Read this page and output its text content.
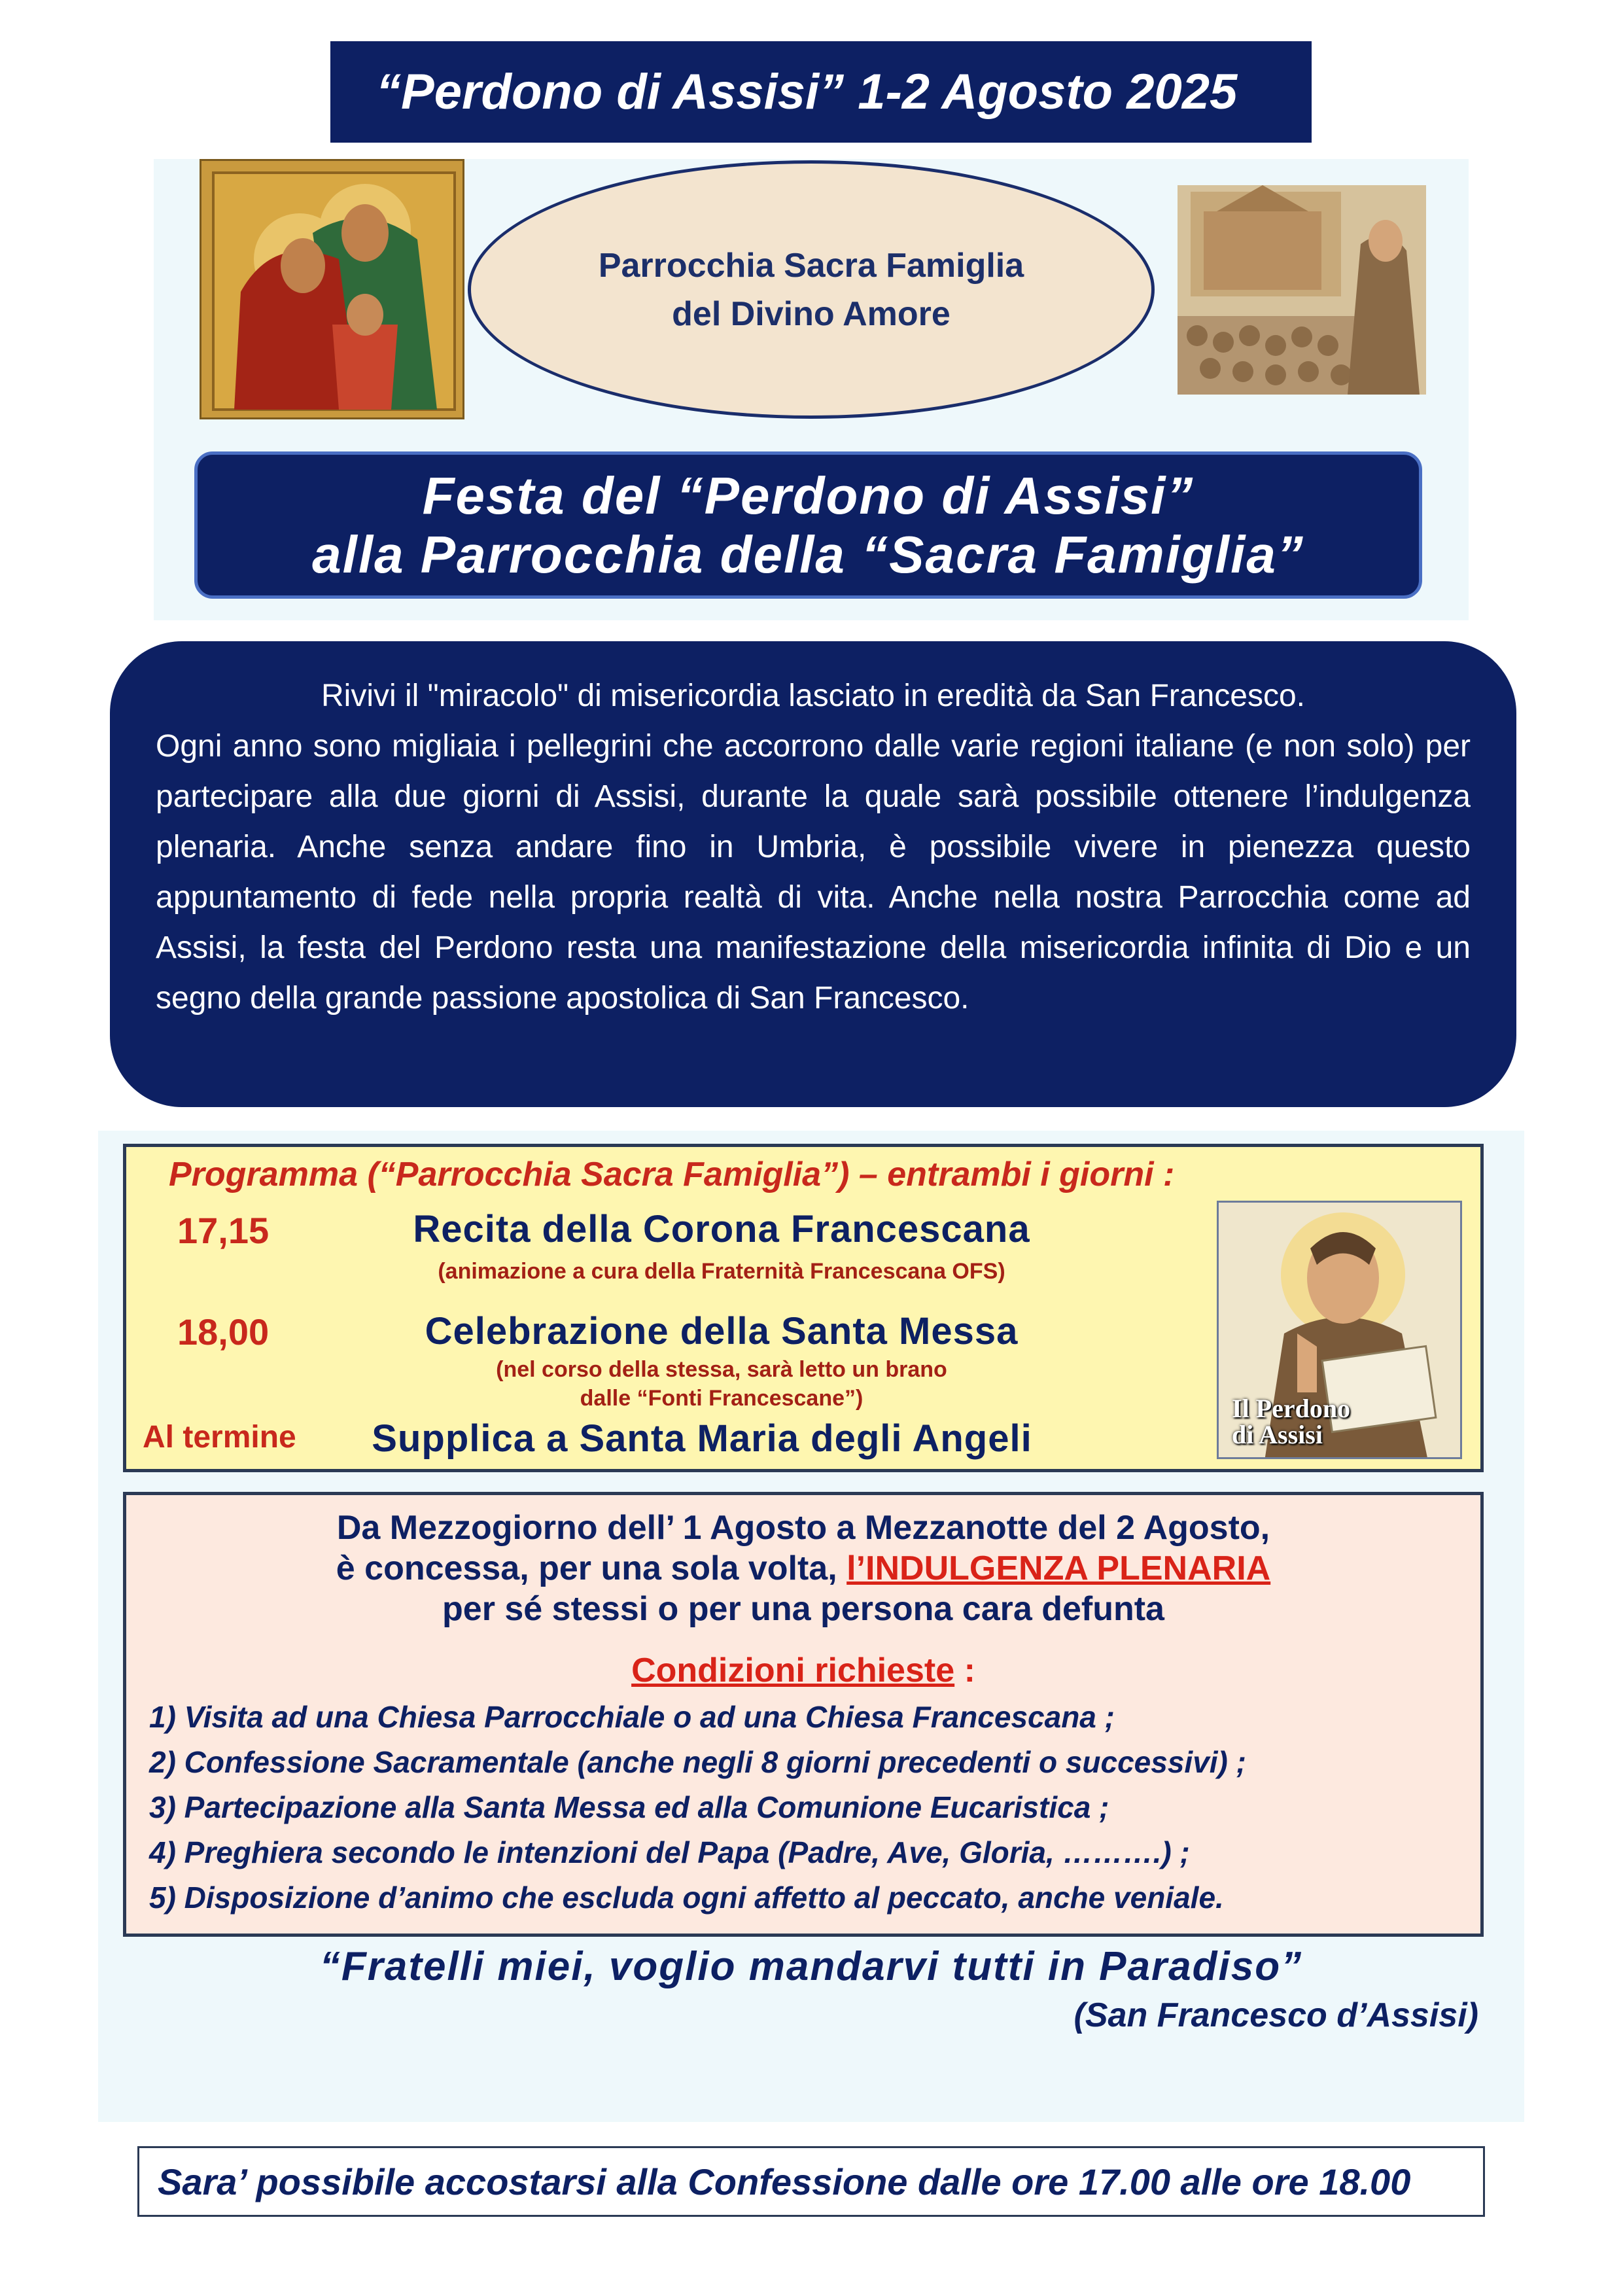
“Perdono di Assisi” 1-2 Agosto 2025
Parrocchia Sacra Famiglia
del Divino Amore
Festa del “Perdono di Assisi”
alla Parrocchia della “Sacra Famiglia”
Rivivi il "miracolo" di misericordia lasciato in eredità da San Francesco.
Ogni anno sono migliaia i pellegrini che accorrono dalle varie regioni italiane (e non solo) per partecipare alla due giorni di Assisi, durante la quale sarà possibile ottenere l’indulgenza plenaria. Anche senza andare fino in Umbria, è possibile vivere in pienezza questo appuntamento di fede nella propria realtà di vita. Anche nella nostra Parrocchia come ad Assisi, la festa del Perdono resta una manifestazione della misericordia infinita di Dio e un segno della grande passione apostolica di San Francesco.
Programma (“Parrocchia Sacra Famiglia”) – entrambi i giorni :
17,15	Recita della Corona Francescana
(animazione a cura della Fraternità Francescana OFS)
18,00	Celebrazione della Santa Messa
(nel corso della stessa, sarà letto un brano
dalle “Fonti Francescane”)
Al termine	Supplica a Santa Maria degli Angeli
Il Perdono
di Assisi
Da Mezzogiorno dell’ 1 Agosto a Mezzanotte del 2 Agosto,
è concessa, per una sola volta, l’INDULGENZA PLENARIA
per sé stessi o per una persona cara defunta
Condizioni richieste :
1) Visita ad una Chiesa Parrocchiale o ad una Chiesa Francescana ;
2) Confessione Sacramentale (anche negli 8 giorni precedenti o successivi) ;
3) Partecipazione alla Santa Messa ed alla Comunione Eucaristica ;
4) Preghiera secondo le intenzioni del Papa (Padre, Ave, Gloria, ……….) ;
5) Disposizione d’animo che escluda ogni affetto al peccato, anche veniale.
“Fratelli miei, voglio mandarvi tutti in Paradiso”
(San Francesco d’Assisi)
Sara’ possibile accostarsi alla Confessione dalle ore 17.00 alle ore 18.00
